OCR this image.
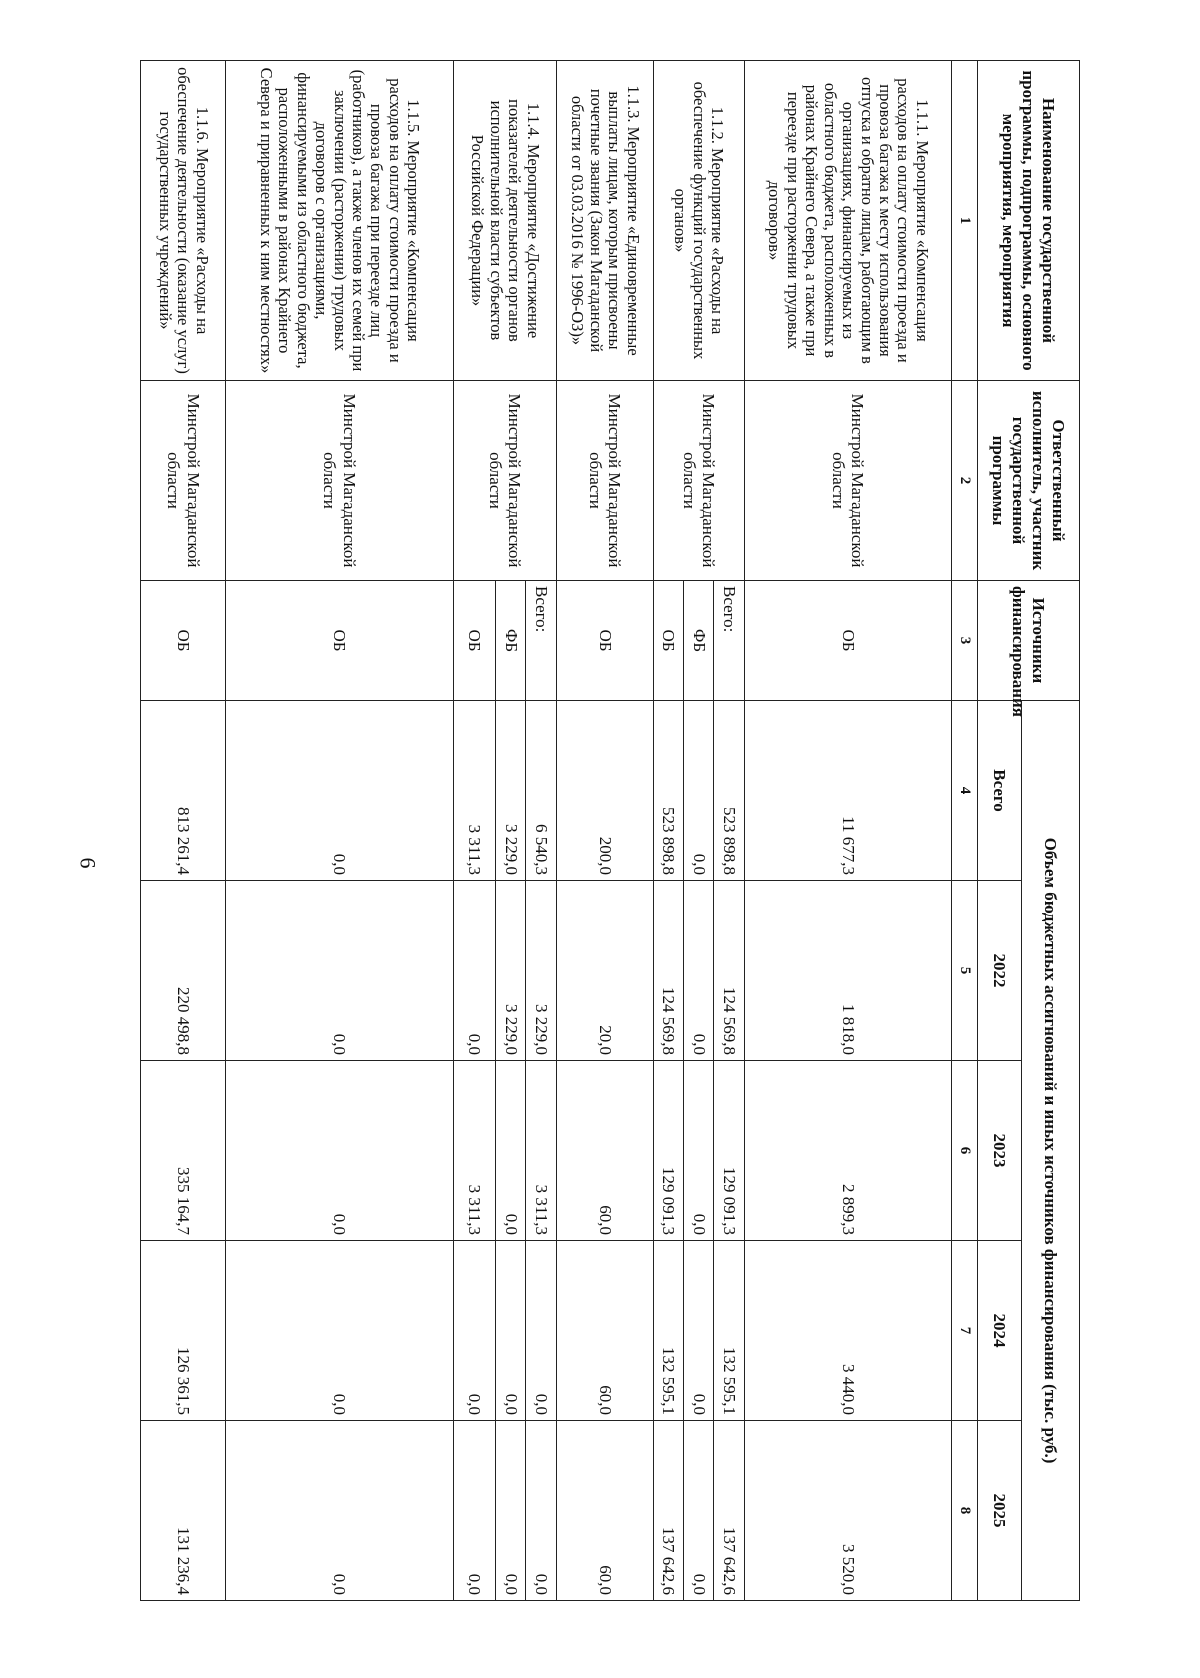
6
Наименование государственной программы, подпрограммы, основного мероприятия, мероприятия	Ответственный исполнитель, участник государственной программы	Источники финансирования	Объем бюджетных ассигнований и иных источников финансирования (тыс. руб.)				
			Всего	2022	2023	2024	2025
1	2	3	4	5	6	7	8
1.1.1. Мероприятие «Компенсация расходов на оплату стоимости проезда и провоза багажа к месту использования отпуска и обратно лицам, работающим в организациях, финансируемых из областного бюджета, расположенных в районах Крайнего Севера, а также при переезде при расторжении трудовых договоров»	Минстрой Магаданской области	ОБ	11 677,3	1 818,0	2 899,3	3 440,0	3 520,0
1.1.2. Мероприятие «Расходы на обеспечение функций государственных органов»	Минстрой Магаданской области	Всего:	523 898,8	124 569,8	129 091,3	132 595,1	137 642,6
		ФБ	0,0	0,0	0,0	0,0	0,0
		ОБ	523 898,8	124 569,8	129 091,3	132 595,1	137 642,6
1.1.3. Мероприятие «Единовременные выплаты лицам, которым присвоены почетные звания (Закон Магаданской области от 03.03.2016 № 1996-ОЗ)»	Минстрой Магаданской области	ОБ	200,0	20,0	60,0	60,0	60,0
1.1.4. Мероприятие «Достижение показателей деятельности органов исполнительной власти субъектов Российской Федерации»	Минстрой Магаданской области	Всего:	6 540,3	3 229,0	3 311,3	0,0	0,0
		ФБ	3 229,0	3 229,0	0,0	0,0	0,0
		ОБ	3 311,3	0,0	3 311,3	0,0	0,0
1.1.5. Мероприятие «Компенсация расходов на оплату стоимости проезда и провоза багажа при переезде лиц (работников), а также членов их семей при заключении (расторжении) трудовых договоров с организациями, финансируемыми из областного бюджета, расположенными в районах Крайнего Севера и приравненных к ним местностях»	Минстрой Магаданской области	ОБ	0,0	0,0	0,0	0,0	0,0
1.1.6. Мероприятие «Расходы на обеспечение деятельности (оказание услуг) государственных учреждений»	Минстрой Магаданской области	ОБ	813 261,4	220 498,8	335 164,7	126 361,5	131 236,4
